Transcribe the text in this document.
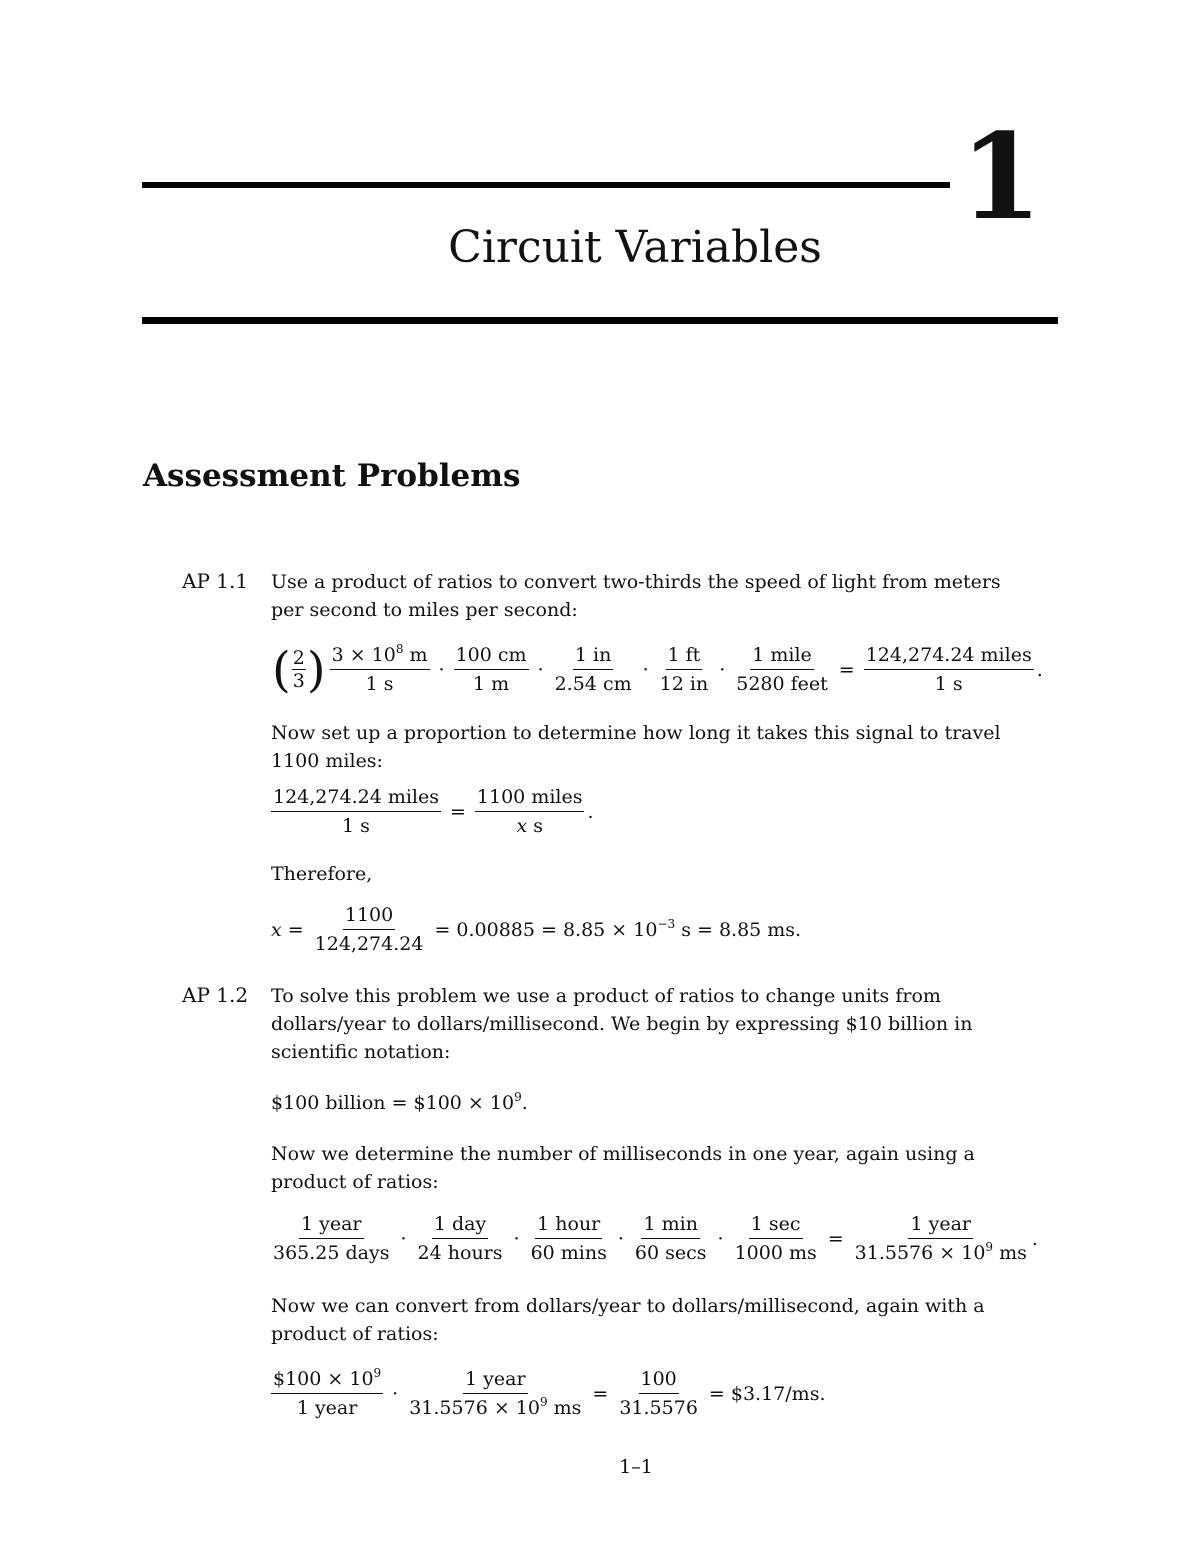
1
Circuit Variables
Assessment Problems
AP 1.1 Use a product of ratios to convert two-thirds the speed of light from meters
per second to miles per second:
( $\frac{2}{3}$ ) $\frac{3 \times 10^8 m}{1 s} \cdot \frac{100 cm}{1 m} \cdot \frac{1 in}{2.54 cm} \cdot \frac{1 ft}{12 in} \cdot \frac{\text{1 mile}}{\text{5280 feet}} = \frac{\text{124,274.24 miles}}{1 s}$ .
Now set up a proportion to determine how long it takes this signal to travel
1100 miles:
$\frac{\text{124,274.24 miles}}{1 s} = \frac{\text{1100 miles}}{\text{x s}}$ .
Therefore,
$x = \frac{1100}{124,274.24} = 0.00885 = 8.85 \times 10^{-3}$ s = 8.85 ms.
AP 1.2 To solve this problem we use a product of ratios to change units from
dollars/year to dollars/millisecond. We begin by expressing $10 billion in
scientific notation:
$100 billion = $100 × $10^9$.
Now we determine the number of milliseconds in one year, again using a
product of ratios:
$\frac{\text{1 year}}{\text{365.25 days}} \cdot \frac{\text{1 day}}{\text{24 hours}} \cdot \frac{\text{1 hour}}{60 \min s} \cdot \frac{1 \min}{60 \sec s} \cdot \frac{1 \sec}{1000 ms} = \frac{\text{1 year}}{31.5576 \times 10^9 ms}$ .
Now we can convert from dollars/year to dollars/millisecond, again with a
product of ratios:
$\frac{\$100 \times 10^9}{\text{1 year}} \cdot \frac{\text{1 year}}{31.5576 \times 10^9 ms} = \frac{100}{31.5576}$ = $3.17/ms.
1–1
